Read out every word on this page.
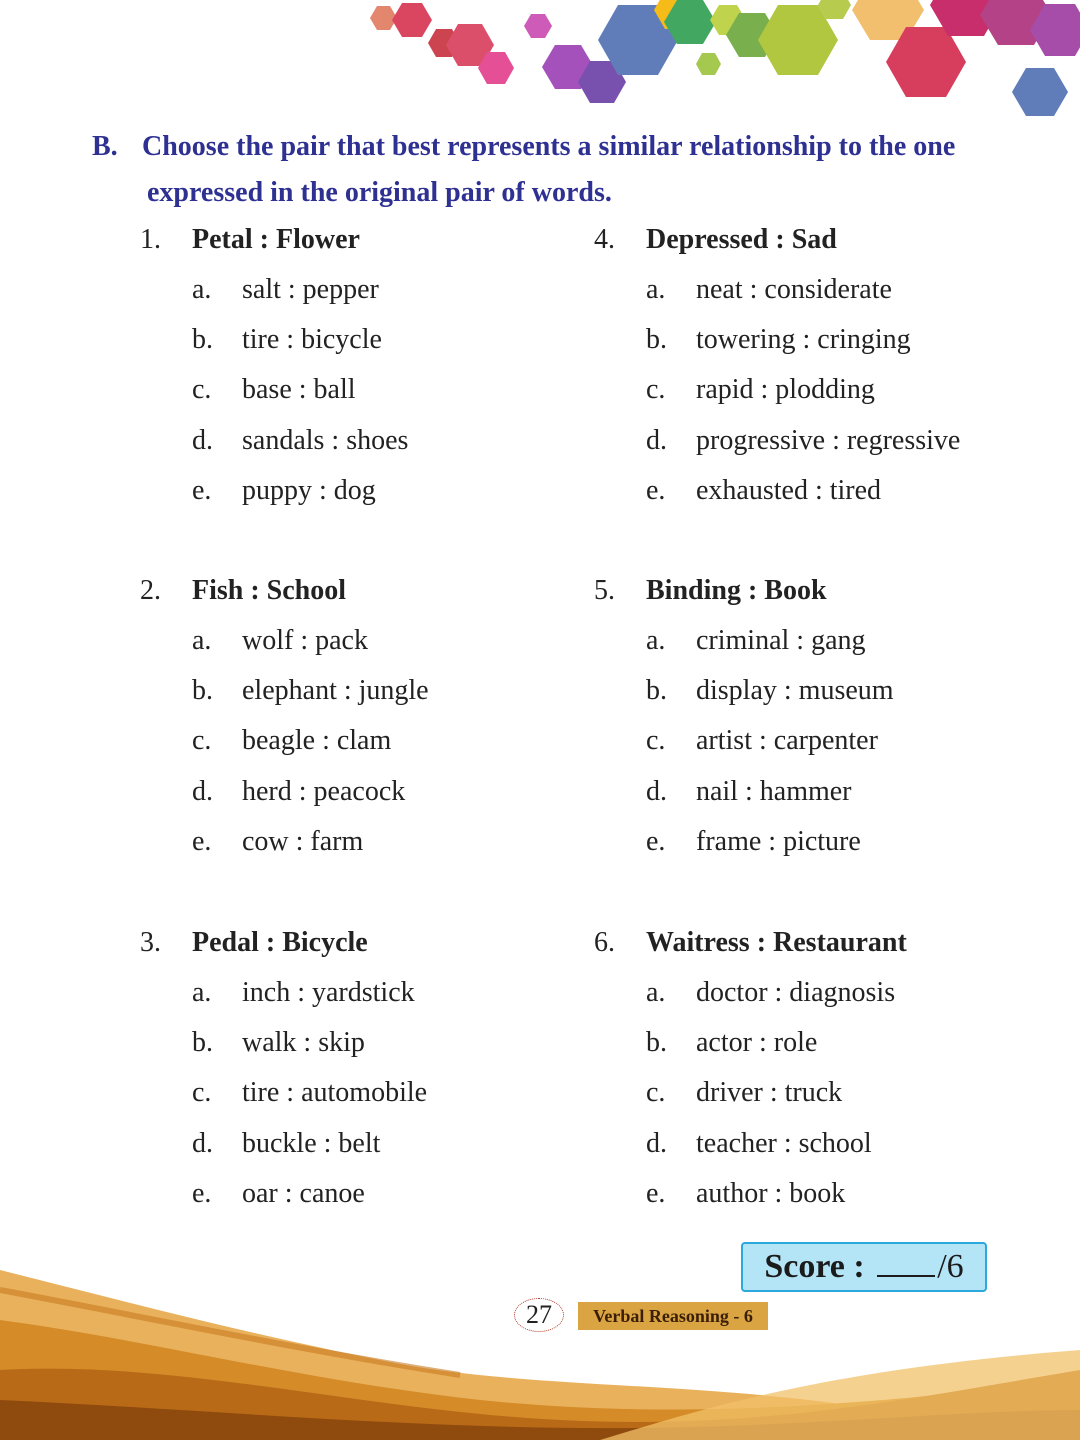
B. Choose the pair that best represents a similar relationship to the one
expressed in the original pair of words.
1. Petal : Flower
a. salt : pepper
b. tire : bicycle
c. base : ball
d. sandals : shoes
e. puppy : dog
2. Fish : School
a. wolf : pack
b. elephant : jungle
c. beagle : clam
d. herd : peacock
e. cow : farm
3. Pedal : Bicycle
a. inch : yardstick
b. walk : skip
c. tire : automobile
d. buckle : belt
e. oar : canoe
4. Depressed : Sad
a. neat : considerate
b. towering : cringing
c. rapid : plodding
d. progressive : regressive
e. exhausted : tired
5. Binding : Book
a. criminal : gang
b. display : museum
c. artist : carpenter
d. nail : hammer
e. frame : picture
6. Waitress : Restaurant
a. doctor : diagnosis
b. actor : role
c. driver : truck
d. teacher : school
e. author : book
Score : /6
27	Verbal Reasoning - 6
